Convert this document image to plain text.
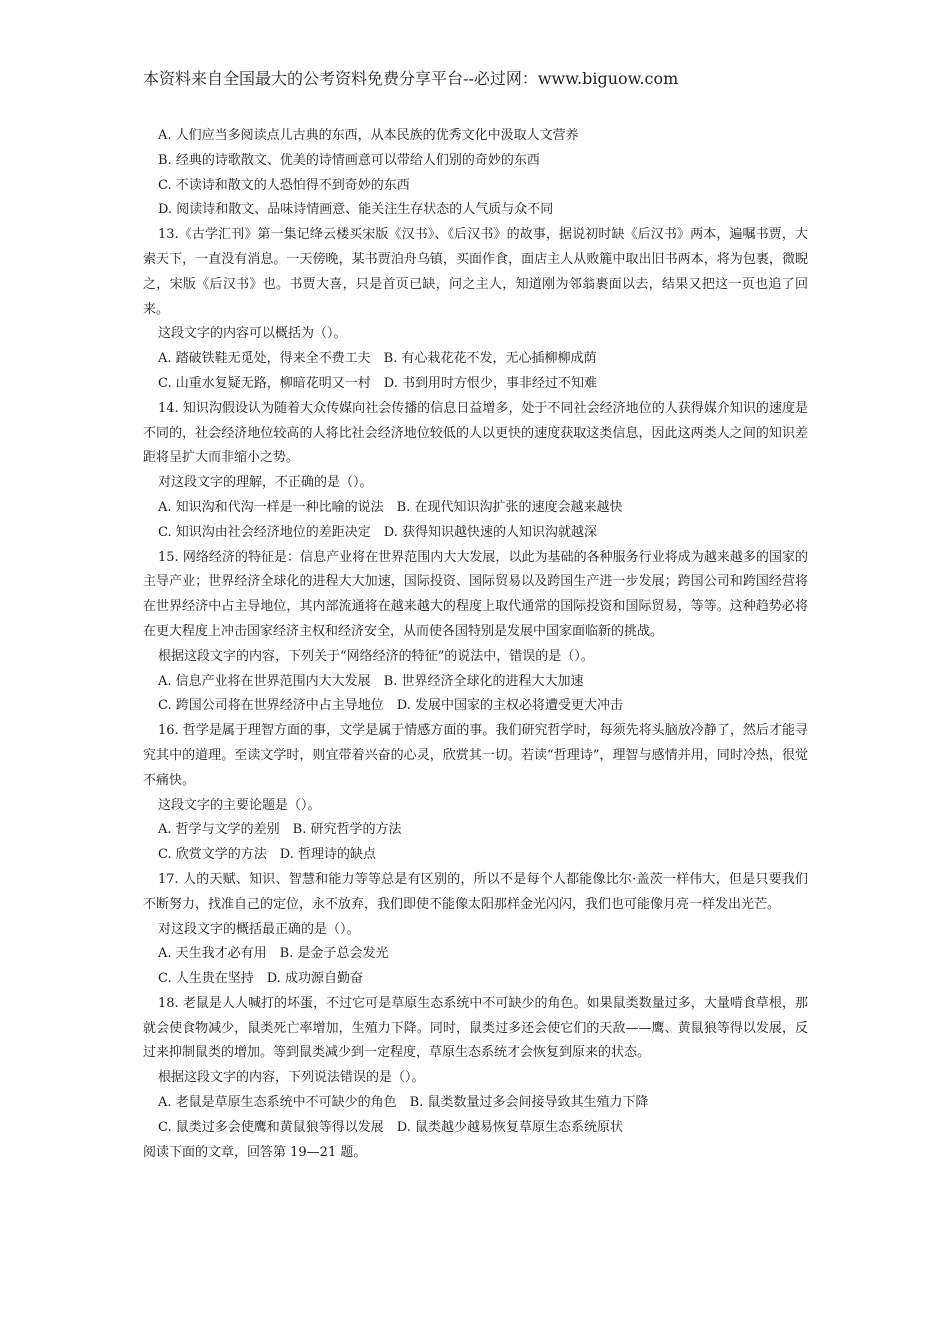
本资料来自全国最大的公考资料免费分享平台--必过网：www.biguow.com
A. 人们应当多阅读点儿古典的东西，从本民族的优秀文化中汲取人文营养
B. 经典的诗歌散文、优美的诗情画意可以带给人们别的奇妙的东西
C. 不读诗和散文的人恐怕得不到奇妙的东西
D. 阅读诗和散文、品味诗情画意、能关注生存状态的人气质与众不同

13.《古学汇刊》第一集记绛云楼买宋版《汉书》、《后汉书》的故事，据说初时缺《后汉书》两本，遍嘱书贾，大索天下，一直没有消息。一天傍晚，某书贾泊舟乌镇，买面作食，面店主人从败簏中取出旧书两本，将为包裹，微睨之，宋版《后汉书》也。书贾大喜，只是首页已缺，问之主人，知道刚为邻翁裹面以去，结果又把这一页也追了回来。

这段文字的内容可以概括为（）。
A. 踏破铁鞋无觅处，得来全不费工夫　B. 有心栽花花不发，无心插柳柳成荫
C. 山重水复疑无路，柳暗花明又一村　D. 书到用时方恨少，事非经过不知难

14. 知识沟假设认为随着大众传媒向社会传播的信息日益增多，处于不同社会经济地位的人获得媒介知识的速度是不同的，社会经济地位较高的人将比社会经济地位较低的人以更快的速度获取这类信息，因此这两类人之间的知识差距将呈扩大而非缩小之势。

对这段文字的理解，不正确的是（）。
A. 知识沟和代沟一样是一种比喻的说法　B. 在现代知识沟扩张的速度会越来越快
C. 知识沟由社会经济地位的差距决定　D. 获得知识越快速的人知识沟就越深

15. 网络经济的特征是：信息产业将在世界范围内大大发展，以此为基础的各种服务行业将成为越来越多的国家的主导产业；世界经济全球化的进程大大加速，国际投资、国际贸易以及跨国生产进一步发展；跨国公司和跨国经营将在世界经济中占主导地位，其内部流通将在越来越大的程度上取代通常的国际投资和国际贸易，等等。这种趋势必将在更大程度上冲击国家经济主权和经济安全，从而使各国特别是发展中国家面临新的挑战。

根据这段文字的内容，下列关于“网络经济的特征”的说法中，错误的是（）。
A. 信息产业将在世界范围内大大发展　B. 世界经济全球化的进程大大加速
C. 跨国公司将在世界经济中占主导地位　D. 发展中国家的主权必将遭受更大冲击

16. 哲学是属于理智方面的事，文学是属于情感方面的事。我们研究哲学时，每须先将头脑放冷静了，然后才能寻究其中的道理。至读文学时，则宜带着兴奋的心灵，欣赏其一切。若读“哲理诗”，理智与感情并用，同时冷热，很觉不痛快。

这段文字的主要论题是（）。
A. 哲学与文学的差别　B. 研究哲学的方法
C. 欣赏文学的方法　D. 哲理诗的缺点

17. 人的天赋、知识、智慧和能力等等总是有区别的，所以不是每个人都能像比尔·盖茨一样伟大，但是只要我们不断努力，找准自己的定位，永不放弃，我们即使不能像太阳那样金光闪闪，我们也可能像月亮一样发出光芒。

对这段文字的概括最正确的是（）。
A. 天生我才必有用　B. 是金子总会发光
C. 人生贵在坚持　D. 成功源自勤奋

18. 老鼠是人人喊打的坏蛋，不过它可是草原生态系统中不可缺少的角色。如果鼠类数量过多，大量啃食草根，那就会使食物减少，鼠类死亡率增加，生殖力下降。同时，鼠类过多还会使它们的天敌——鹰、黄鼠狼等得以发展，反过来抑制鼠类的增加。等到鼠类减少到一定程度，草原生态系统才会恢复到原来的状态。

根据这段文字的内容，下列说法错误的是（）。
A. 老鼠是草原生态系统中不可缺少的角色　B. 鼠类数量过多会间接导致其生殖力下降
C. 鼠类过多会使鹰和黄鼠狼等得以发展　D. 鼠类越少越易恢复草原生态系统原状
阅读下面的文章，回答第 19—21 题。
